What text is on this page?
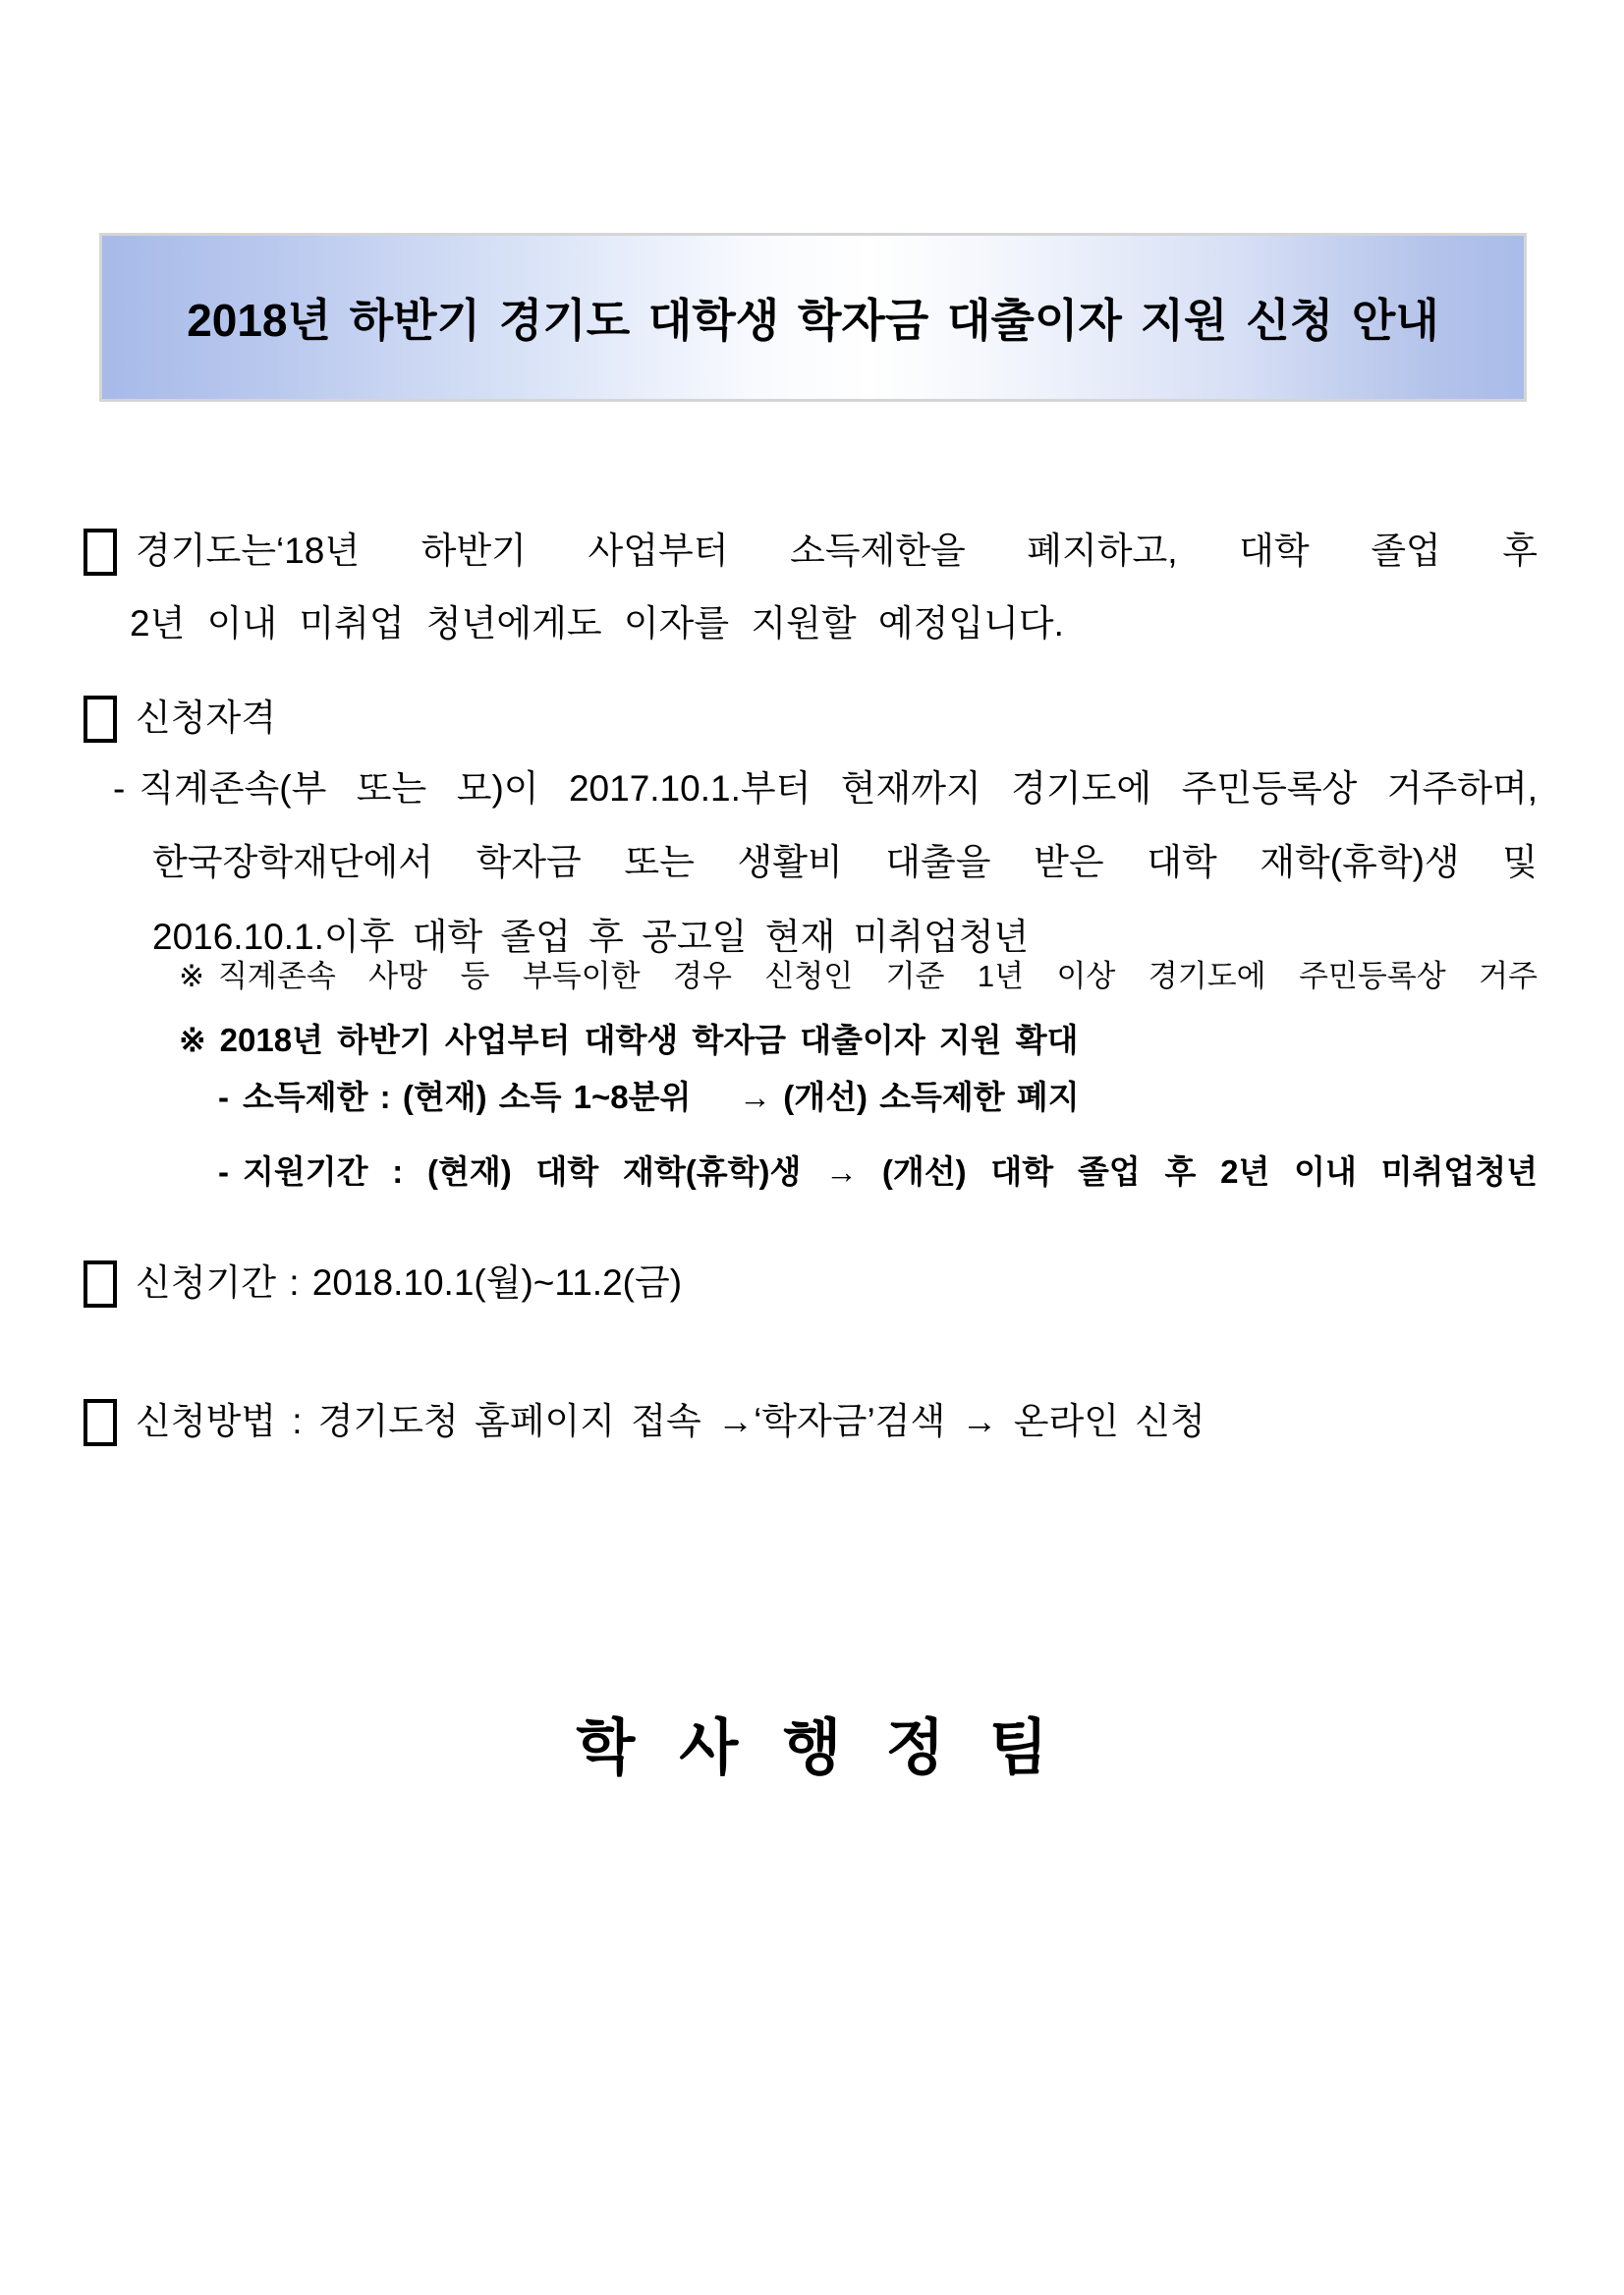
2018년 하반기 경기도 대학생 학자금 대출이자 지원 신청 안내
경기도는‘18년 하반기 사업부터 소득제한을 폐지하고, 대학 졸업 후
2년 이내 미취업 청년에게도 이자를 지원할 예정입니다.
신청자격
- 직계존속(부 또는 모)이 2017.10.1.부터 현재까지 경기도에 주민등록상 거주하며,
한국장학재단에서 학자금 또는 생활비 대출을 받은 대학 재학(휴학)생 및
2016.10.1.이후 대학 졸업 후 공고일 현재 미취업청년
※ 직계존속 사망 등 부득이한 경우 신청인 기준 1년 이상 경기도에 주민등록상 거주
※ 2018년 하반기 사업부터 대학생 학자금 대출이자 지원 확대
- 소득제한 : (현재) 소득 1~8분위    → (개선) 소득제한 폐지
- 지원기간 : (현재) 대학 재학(휴학)생 → (개선) 대학 졸업 후 2년 이내 미취업청년
신청기간 : 2018.10.1(월)~11.2(금)
신청방법 : 경기도청 홈페이지 접속 →‘학자금’검색 → 온라인 신청
학 사 행 정 팀
